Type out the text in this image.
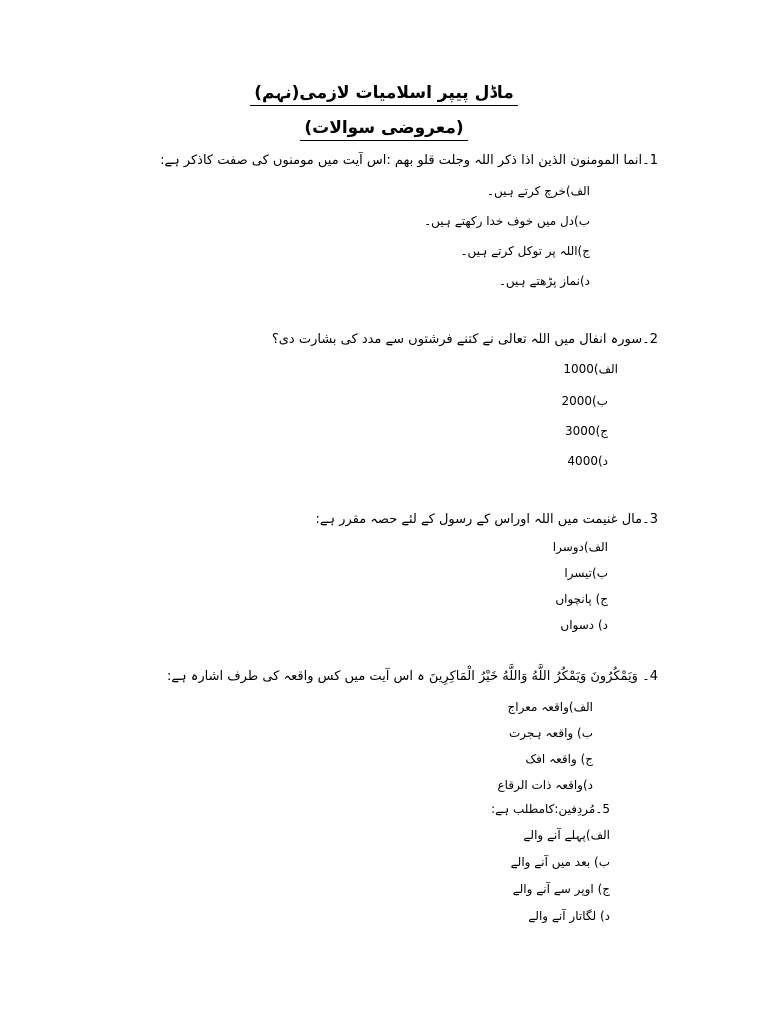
ماڈل پیپر اسلامیات لازمی(نہم)
(معروضی سوالات)
1۔انما المومنون الذین اذا ذکر اللہ وجلت قلو بھم :اس آیت میں مومنوں کی صفت کاذکر ہے:
الف)خرچ کرتے ہیں۔
ب)دل میں خوف خدا رکھتے ہیں۔
ج)اللہ پر توکل کرتے ہیں۔
د)نماز پڑھتے ہیں۔
2۔سورہ انفال میں اللہ تعالی نے کتنے فرشتوں سے مدد کی بشارت دی؟
الف)1000
ب)2000
ج)3000
د)4000
3۔مال غنیمت میں اللہ اوراس کے رسول کے لئے حصہ مقرر ہے:
الف)دوسرا
ب)تیسرا
ج) پانچواں
د) دسواں
4۔ وَيَمْكُرُونَ وَيَمْكُرُ اللَّهُ وَاللَّهُ خَيْرُ الْمَاكِرِينَ ہ اس آیت میں کس واقعہ کی طرف اشارہ ہے:
الف)واقعہ معراج
ب) واقعہ ہجرت
ج) واقعہ افک
د)واقعہ ذات الرقاع
5۔مُردِفین:کامطلب ہے:
الف)پہلے آنے والے
ب) بعد میں آنے والے
ج) اوپر سے آنے والے
د) لگاتار آنے والے
